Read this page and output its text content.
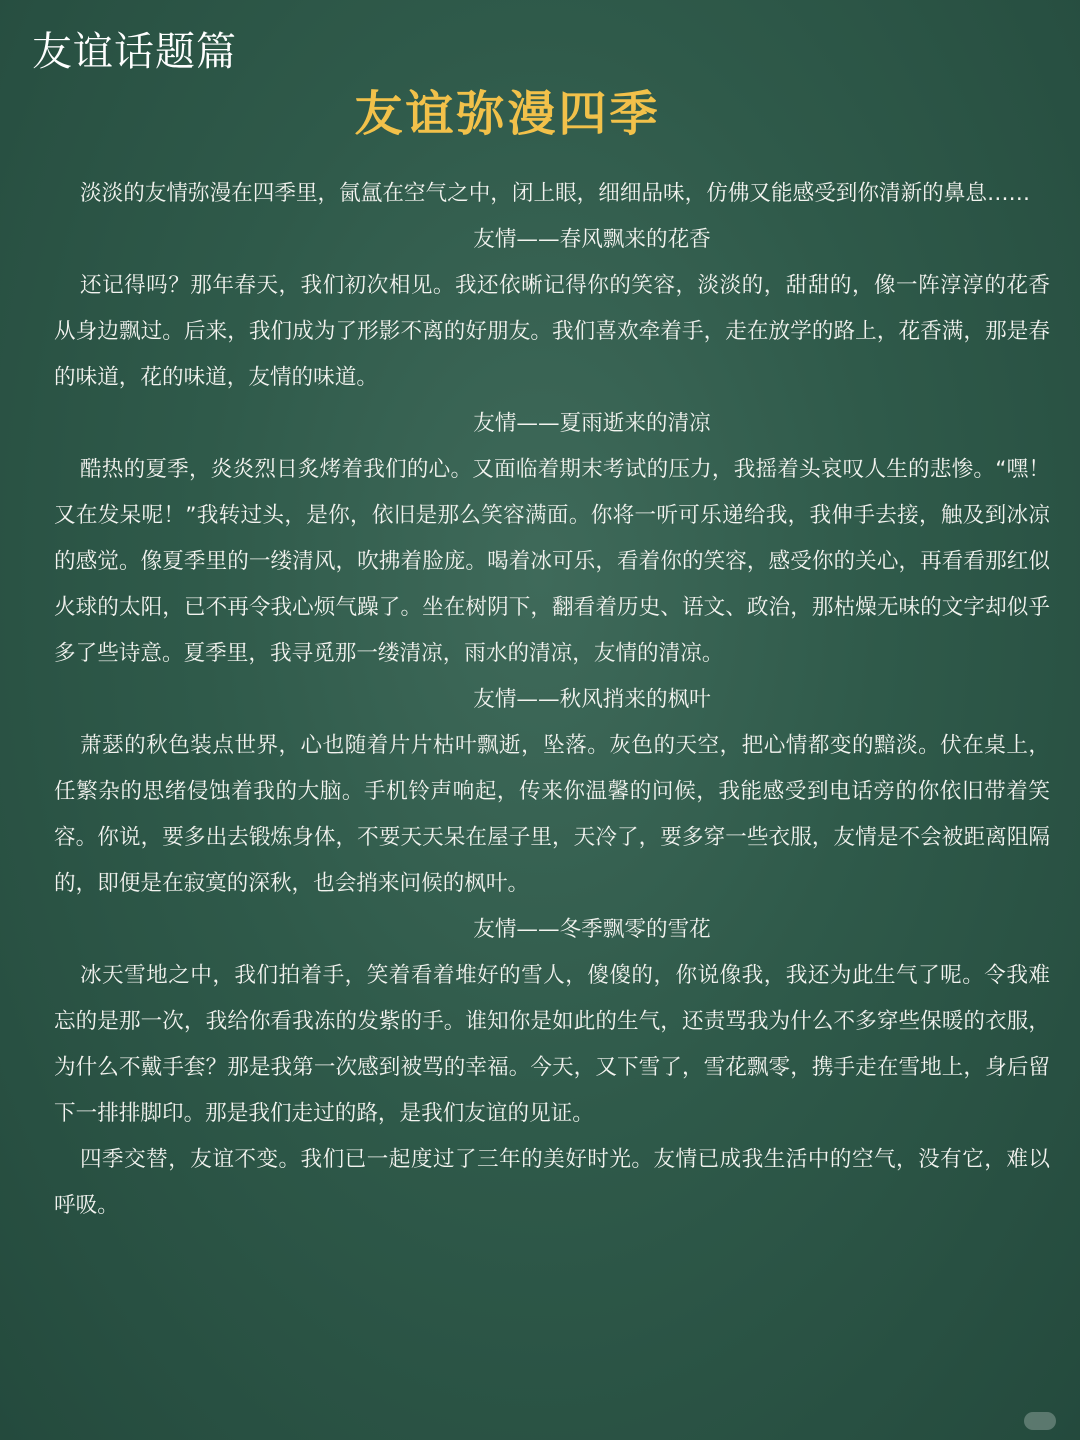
友谊话题篇
友谊弥漫四季

淡淡的友情弥漫在四季里，氤氲在空气之中，闭上眼，细细品味，仿佛又能感受到你清新的鼻息……

友情——春风飘来的花香

还记得吗？那年春天，我们初次相见。我还依晰记得你的笑容，淡淡的，甜甜的，像一阵淳淳的花香从身边飘过。后来，我们成为了形影不离的好朋友。我们喜欢牵着手，走在放学的路上，花香满，那是春的味道，花的味道，友情的味道。

友情——夏雨逝来的清凉

酷热的夏季，炎炎烈日炙烤着我们的心。又面临着期末考试的压力，我摇着头哀叹人生的悲惨。“嘿！又在发呆呢！”我转过头，是你，依旧是那么笑容满面。你将一听可乐递给我，我伸手去接，触及到冰凉的感觉。像夏季里的一缕清风，吹拂着脸庞。喝着冰可乐，看着你的笑容，感受你的关心，再看看那红似火球的太阳，已不再令我心烦气躁了。坐在树阴下，翻看着历史、语文、政治，那枯燥无味的文字却似乎多了些诗意。夏季里，我寻觅那一缕清凉，雨水的清凉，友情的清凉。

友情——秋风捎来的枫叶

萧瑟的秋色装点世界，心也随着片片枯叶飘逝，坠落。灰色的天空，把心情都变的黯淡。伏在桌上，任繁杂的思绪侵蚀着我的大脑。手机铃声响起，传来你温馨的问候，我能感受到电话旁的你依旧带着笑容。你说，要多出去锻炼身体，不要天天呆在屋子里，天冷了，要多穿一些衣服，友情是不会被距离阻隔的，即便是在寂寞的深秋，也会捎来问候的枫叶。

友情——冬季飘零的雪花

冰天雪地之中，我们拍着手，笑着看着堆好的雪人，傻傻的，你说像我，我还为此生气了呢。令我难忘的是那一次，我给你看我冻的发紫的手。谁知你是如此的生气，还责骂我为什么不多穿些保暖的衣服，为什么不戴手套？那是我第一次感到被骂的幸福。今天，又下雪了，雪花飘零，携手走在雪地上，身后留下一排排脚印。那是我们走过的路，是我们友谊的见证。

四季交替，友谊不变。我们已一起度过了三年的美好时光。友情已成我生活中的空气，没有它，难以呼吸。
